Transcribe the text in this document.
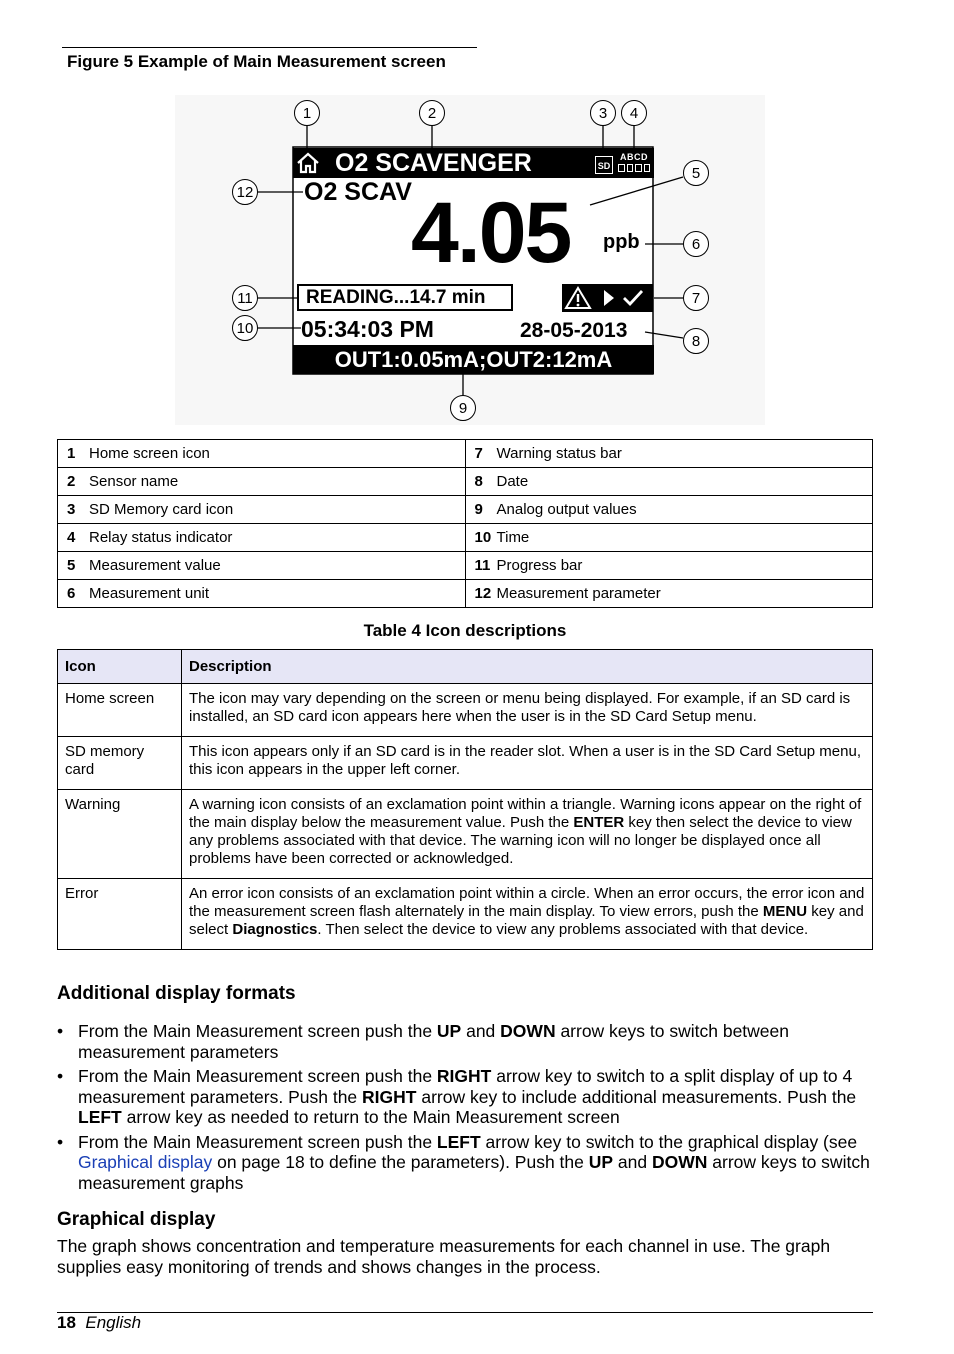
Figure 5 Example of Main Measurement screen
O2 SCAVENGER	SD
ABCD
O2 SCAV 4.05 ppb
READING...14.7 min
05:34:03 PM	28-05-2013
OUT1:0.05mA;OUT2:12mA
1	2	3	4
5
6
7
8
9
10
11
12
1 Home screen icon	7 Warning status bar
2 Sensor name	8 Date
3 SD Memory card icon	9 Analog output values
4 Relay status indicator	10 Time
5 Measurement value	11 Progress bar
6 Measurement unit	12 Measurement parameter
Table 4 Icon descriptions
Icon	Description
Home screen	The icon may vary depending on the screen or menu being displayed. For example, if an SD card is installed, an SD card icon appears here when the user is in the SD Card Setup menu.
SD memory card	This icon appears only if an SD card is in the reader slot. When a user is in the SD Card Setup menu, this icon appears in the upper left corner.
Warning	A warning icon consists of an exclamation point within a triangle. Warning icons appear on the right of the main display below the measurement value. Push the ENTER key then select the device to view any problems associated with that device. The warning icon will no longer be displayed once all problems have been corrected or acknowledged.
Error	An error icon consists of an exclamation point within a circle. When an error occurs, the error icon and the measurement screen flash alternately in the main display. To view errors, push the MENU key and select Diagnostics. Then select the device to view any problems associated with that device.
Additional display formats
• From the Main Measurement screen push the UP and DOWN arrow keys to switch between measurement parameters
• From the Main Measurement screen push the RIGHT arrow key to switch to a split display of up to 4 measurement parameters. Push the RIGHT arrow key to include additional measurements. Push the LEFT arrow key as needed to return to the Main Measurement screen
• From the Main Measurement screen push the LEFT arrow key to switch to the graphical display (see Graphical display on page 18 to define the parameters). Push the UP and DOWN arrow keys to switch measurement graphs
Graphical display
The graph shows concentration and temperature measurements for each channel in use. The graph supplies easy monitoring of trends and shows changes in the process.
18 English
